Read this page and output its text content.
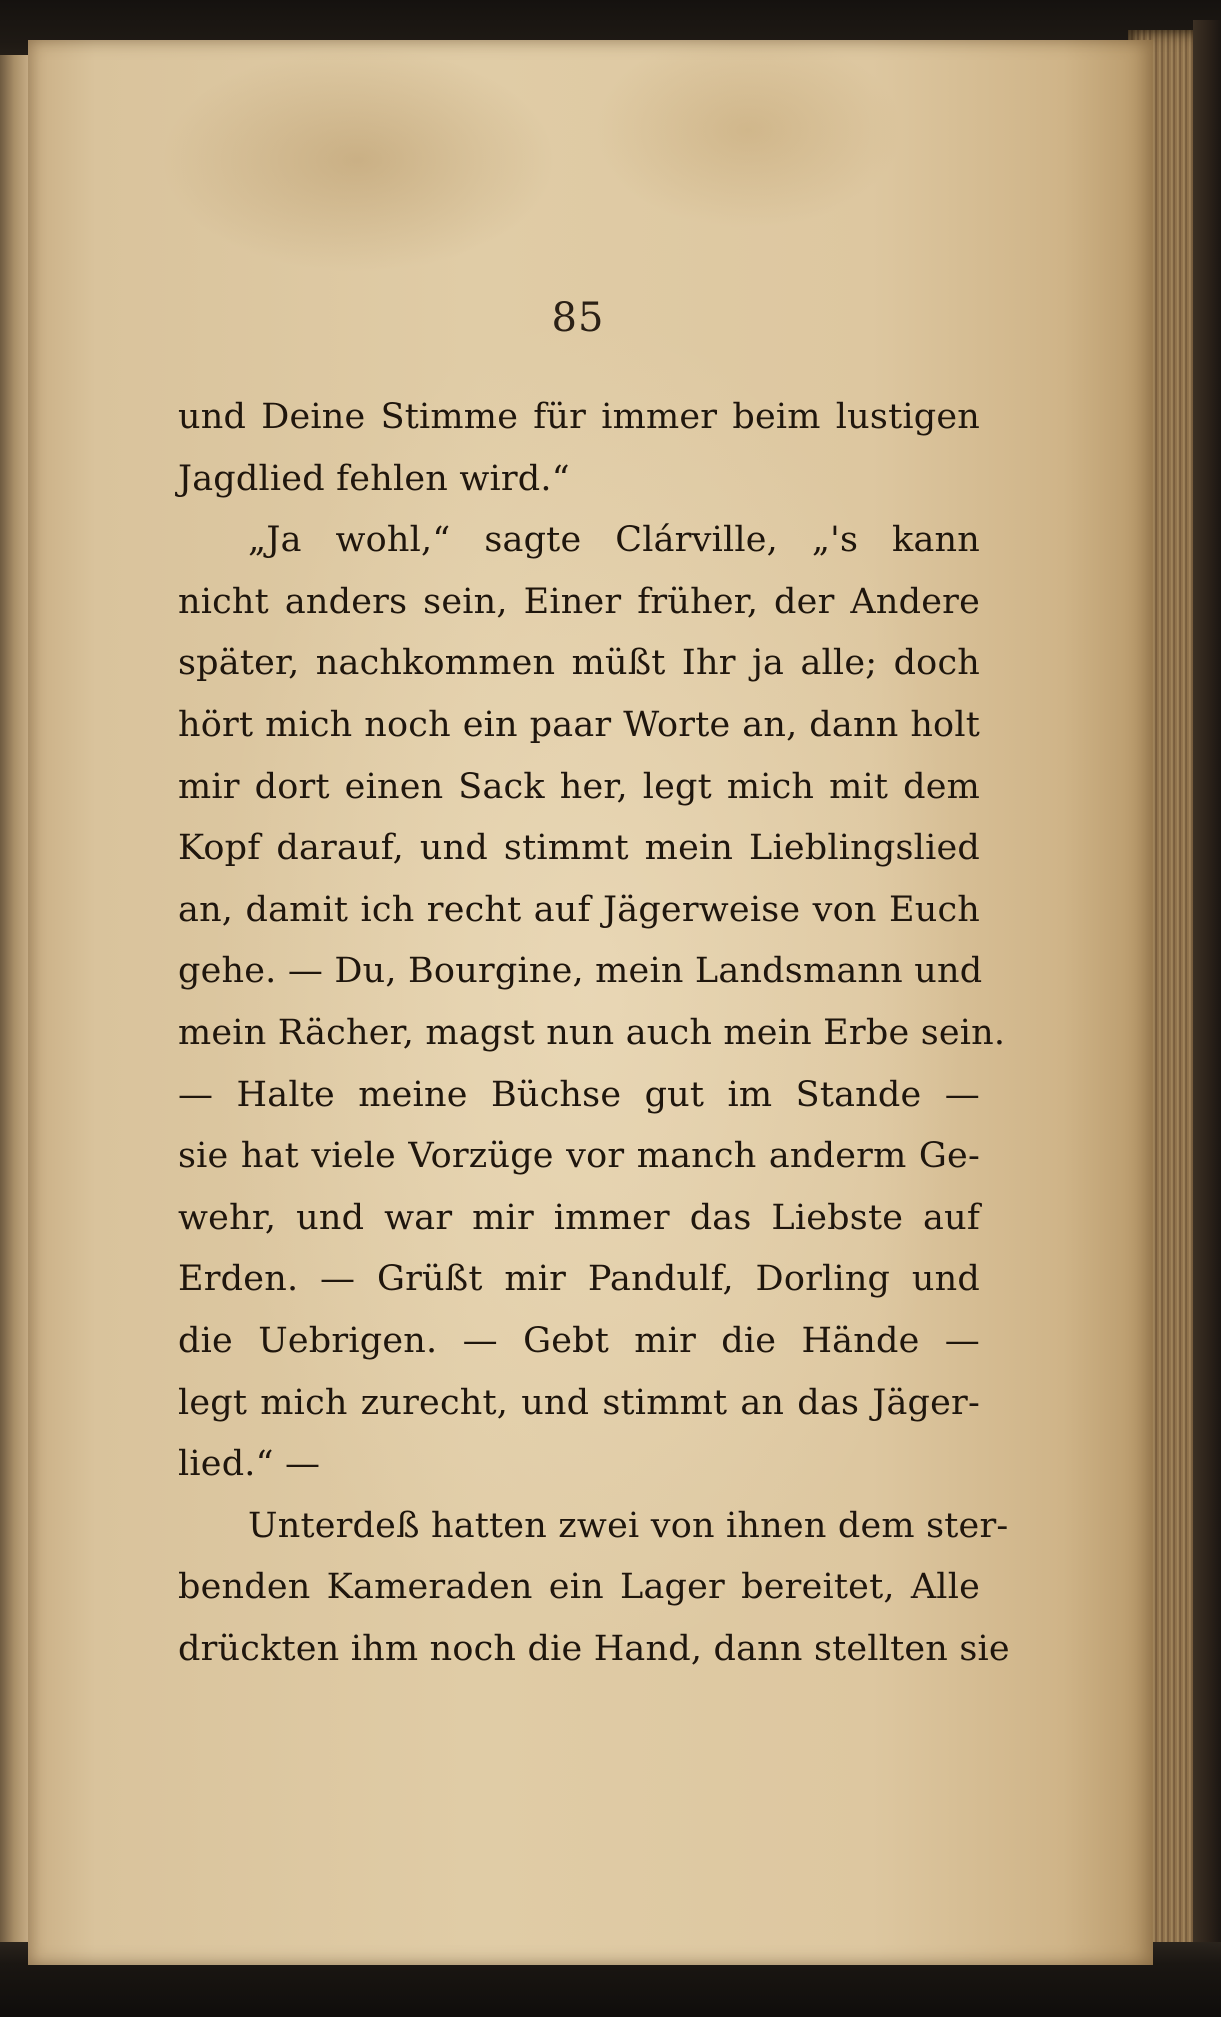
85
und Deine Stimme für immer beim lustigen
Jagdlied fehlen wird.“
„Ja wohl,“ sagte Clárville, „'s kann
nicht anders sein, Einer früher, der Andere
später, nachkommen müßt Ihr ja alle; doch
hört mich noch ein paar Worte an, dann holt
mir dort einen Sack her, legt mich mit dem
Kopf darauf, und stimmt mein Lieblingslied
an, damit ich recht auf Jägerweise von Euch
gehe. — Du, Bourgine, mein Landsmann und
mein Rächer, magst nun auch mein Erbe sein.
— Halte meine Büchse gut im Stande —
sie hat viele Vorzüge vor manch anderm Ge-
wehr, und war mir immer das Liebste auf
Erden. — Grüßt mir Pandulf, Dorling und
die Uebrigen. — Gebt mir die Hände —
legt mich zurecht, und stimmt an das Jäger-
lied.“ —
Unterdeß hatten zwei von ihnen dem ster-
benden Kameraden ein Lager bereitet, Alle
drückten ihm noch die Hand, dann stellten sie
